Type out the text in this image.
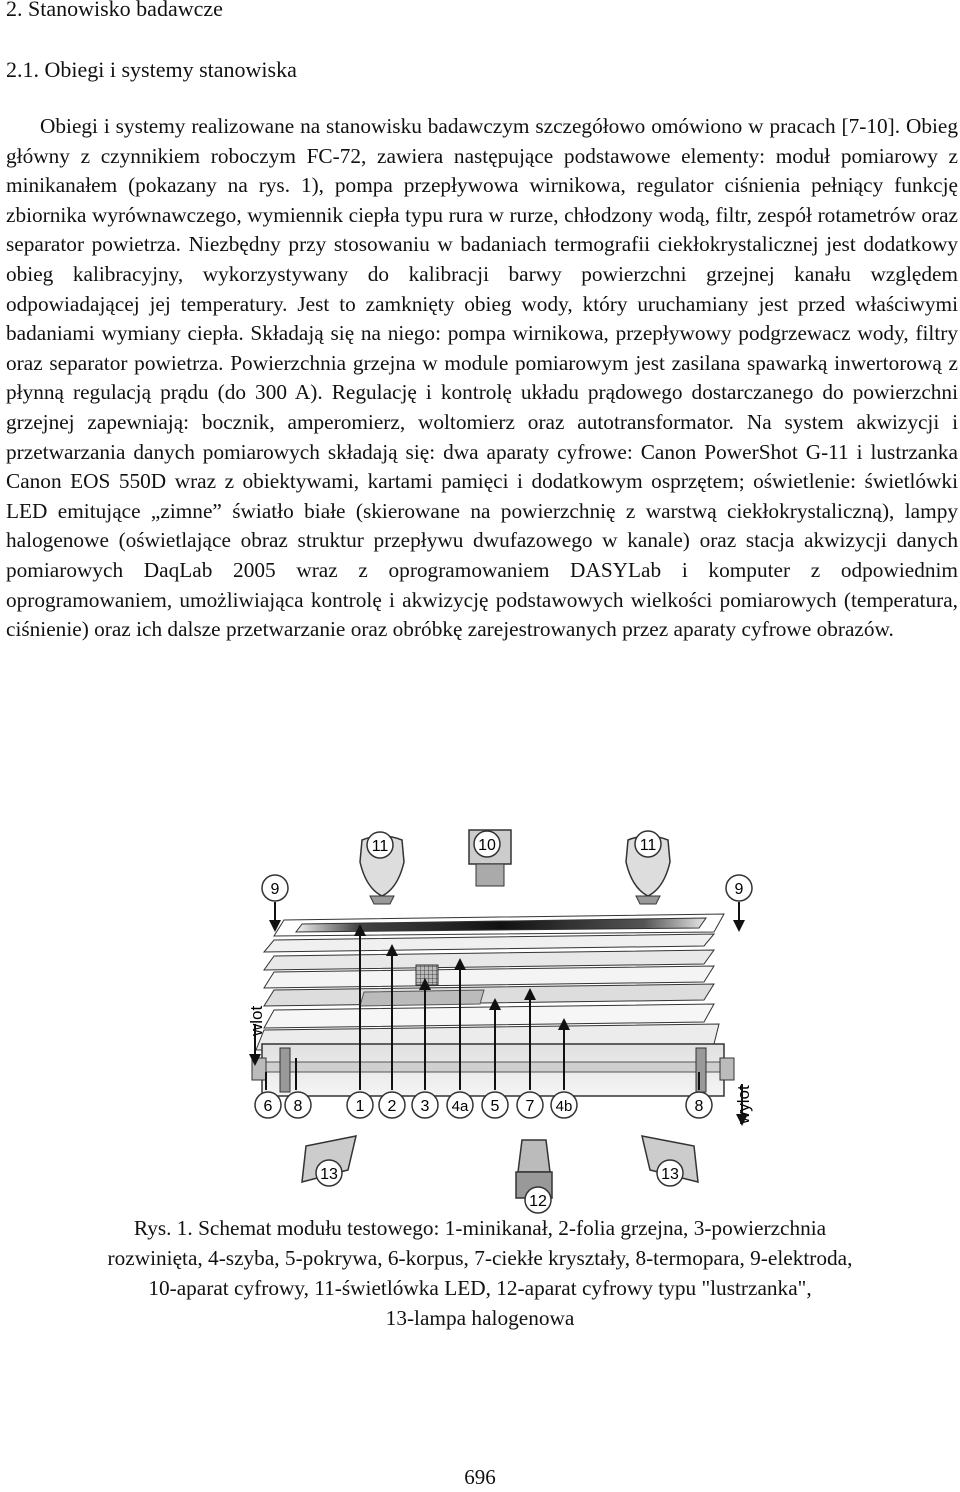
2. Stanowisko badawcze
2.1. Obiegi i systemy stanowiska

Obiegi i systemy realizowane na stanowisku badawczym szczegółowo omówiono w pracach [7-10]. Obieg główny z czynnikiem roboczym FC-72, zawiera następujące podstawowe elementy: moduł pomiarowy z minikanałem (pokazany na rys. 1), pompa przepływowa wirnikowa, regulator ciśnienia pełniący funkcję zbiornika wyrównawczego, wymiennik ciepła typu rura w rurze, chłodzony wodą, filtr, zespół rotametrów oraz separator powietrza. Niezbędny przy stosowaniu w badaniach termografii ciekłokrystalicznej jest dodatkowy obieg kalibracyjny, wykorzystywany do kalibracji barwy powierzchni grzejnej kanału względem odpowiadającej jej temperatury. Jest to zamknięty obieg wody, który uruchamiany jest przed właściwymi badaniami wymiany ciepła. Składają się na niego: pompa wirnikowa, przepływowy podgrzewacz wody, filtry oraz separator powietrza. Powierzchnia grzejna w module pomiarowym jest zasilana spawarką inwertorową z płynną regulacją prądu (do 300 A). Regulację i kontrolę układu prądowego dostarczanego do powierzchni grzejnej zapewniają: bocznik, amperomierz, woltomierz oraz autotransformator. Na system akwizycji i przetwarzania danych pomiarowych składają się: dwa aparaty cyfrowe: Canon PowerShot G-11 i lustrzanka Canon EOS 550D wraz z obiektywami, kartami pamięci i dodatkowym osprzętem; oświetlenie: świetlówki LED emitujące „zimne” światło białe (skierowane na powierzchnię z warstwą ciekłokrystaliczną), lampy halogenowe (oświetlające obraz struktur przepływu dwufazowego w kanale) oraz stacja akwizycji danych pomiarowych DaqLab 2005 wraz z oprogramowaniem DASYLab i komputer z odpowiednim oprogramowaniem, umożliwiająca kontrolę i akwizycję podstawowych wielkości pomiarowych (temperatura, ciśnienie) oraz ich dalsze przetwarzanie oraz obróbkę zarejestrowanych przez aparaty cyfrowe obrazów.

11	10	11
9	9
wlot
wylot
6 8	1 2 3 4a 5 7 4b	8
13	13
12

Rys. 1. Schemat modułu testowego: 1-minikanał, 2-folia grzejna, 3-powierzchnia
rozwinięta, 4-szyba, 5-pokrywa, 6-korpus, 7-ciekłe kryształy, 8-termopara, 9-elektroda,
10-aparat cyfrowy, 11-świetlówka LED, 12-aparat cyfrowy typu "lustrzanka",
13-lampa halogenowa

696
